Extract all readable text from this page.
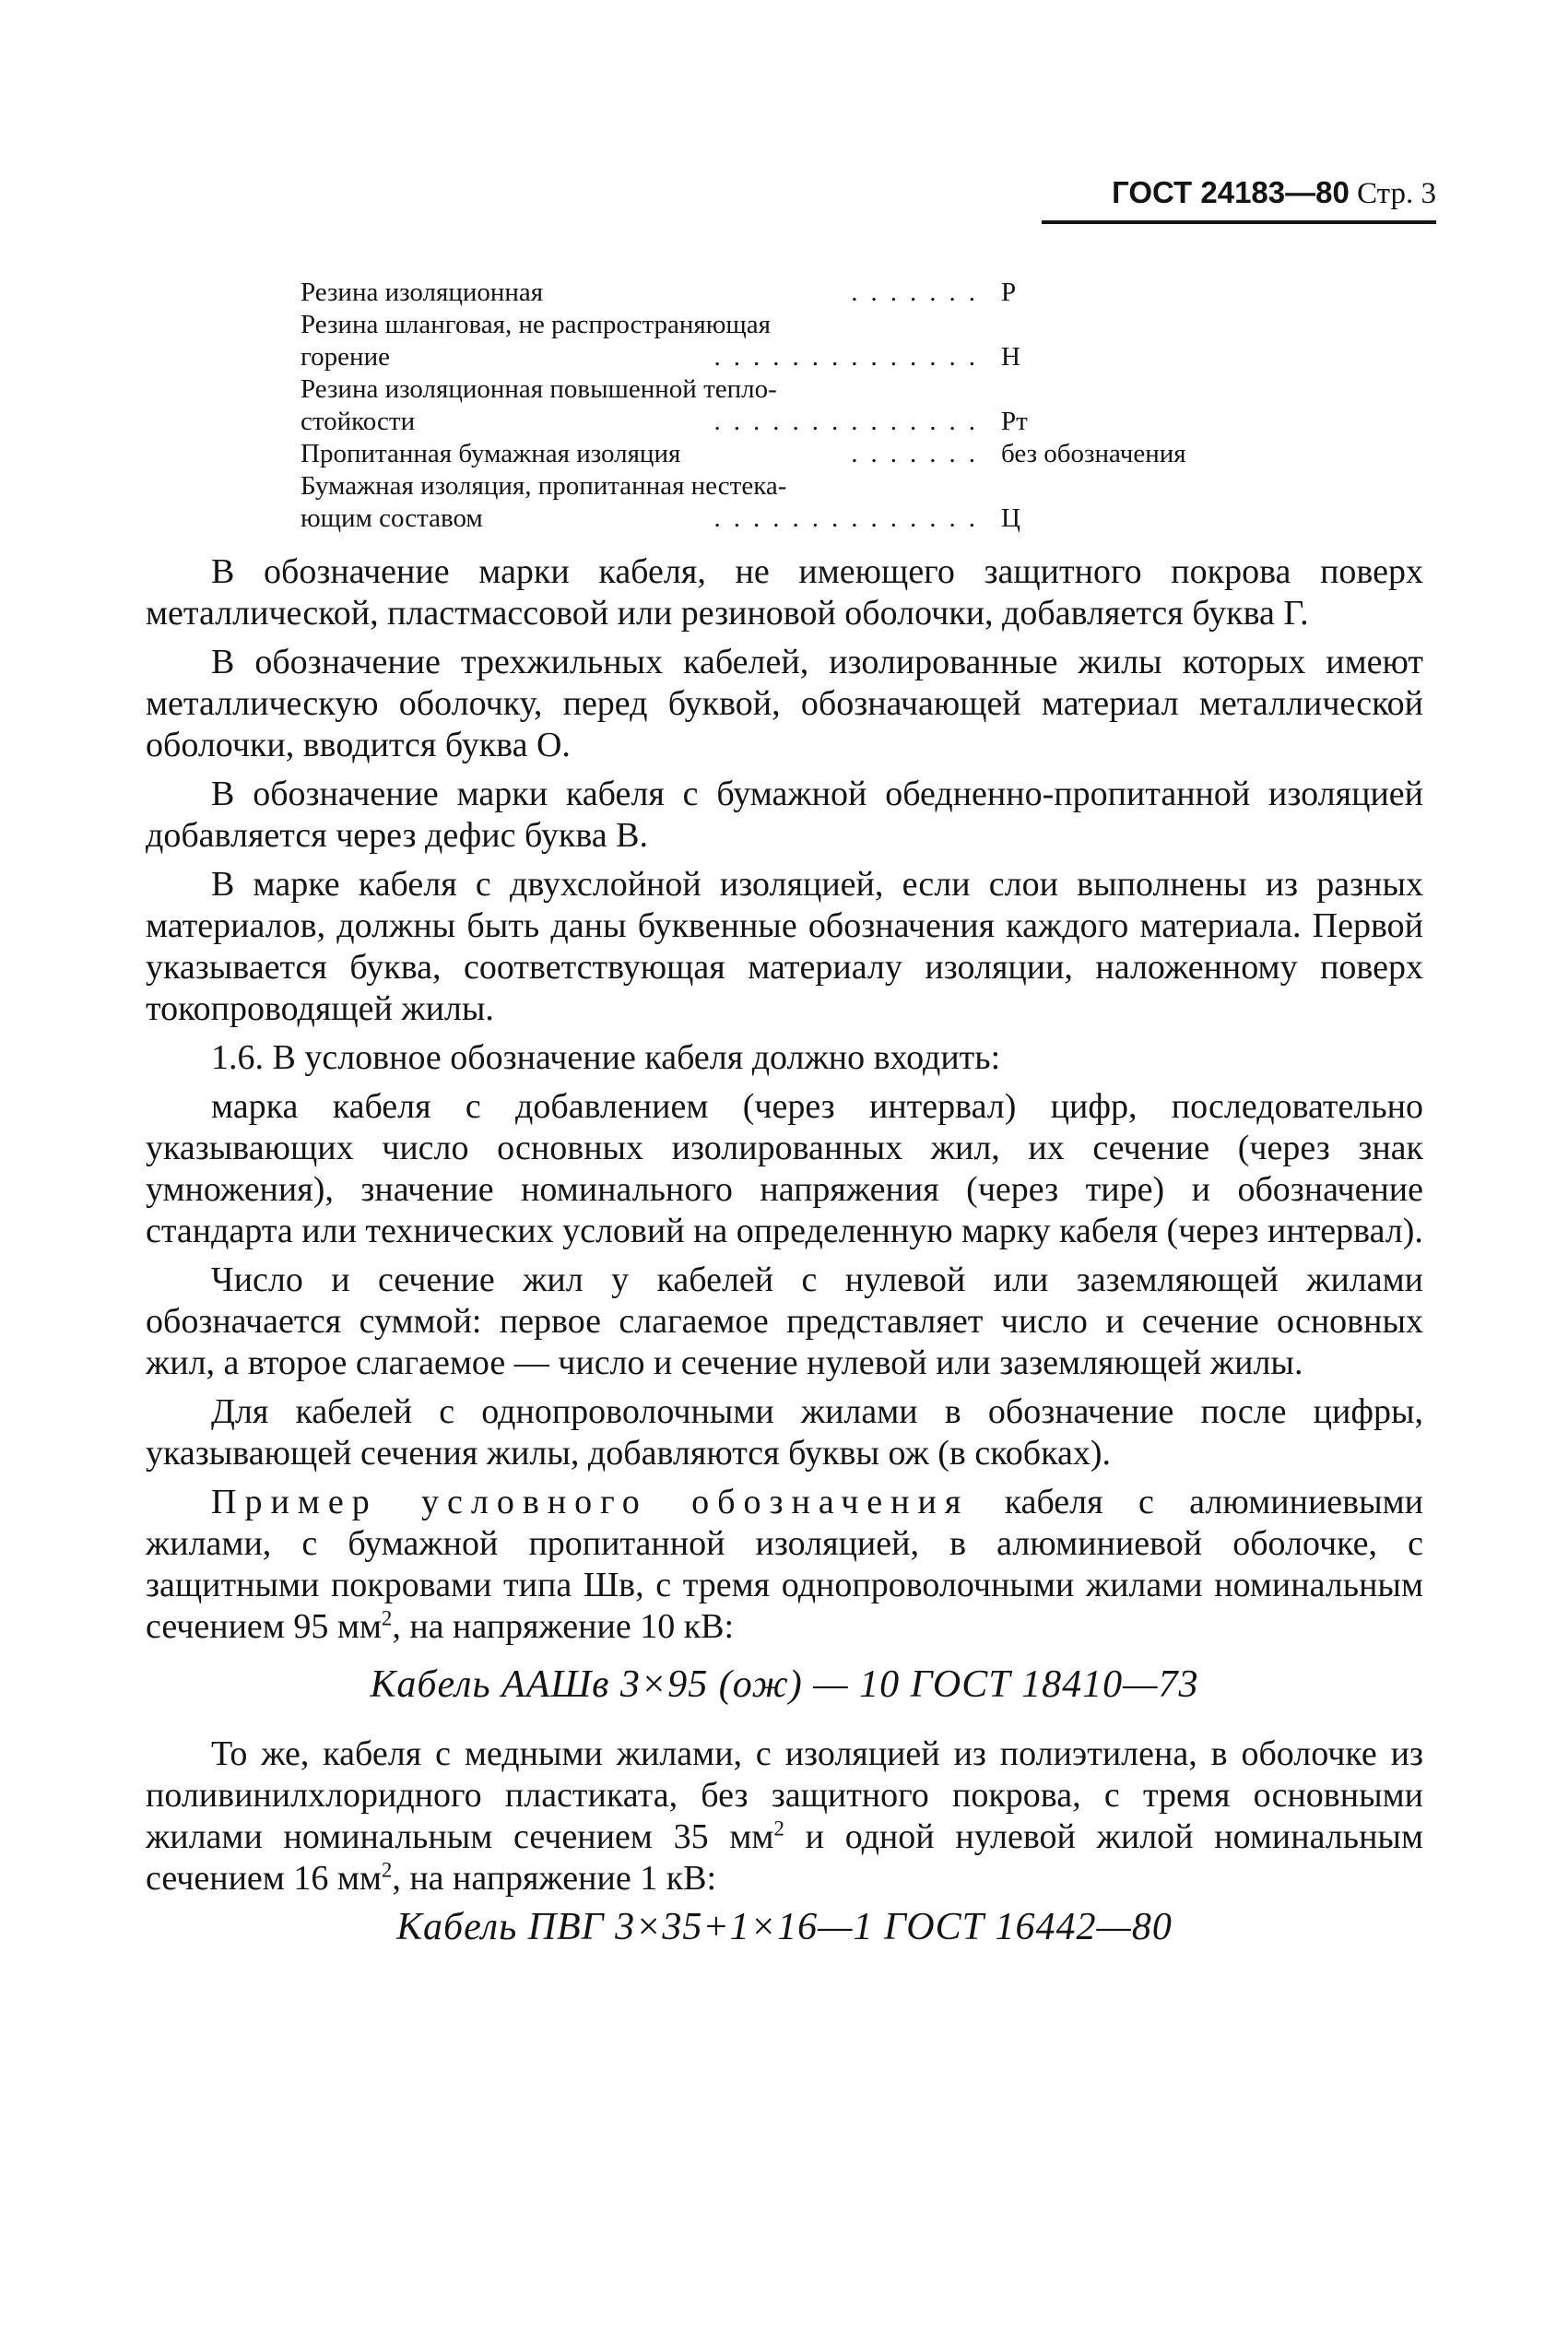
ГОСТ 24183—80 Стр. 3
Резина изоляционная	....... Р
Резина шланговая, не распространяющая
горение	.............. Н
Резина изоляционная повышенной тепло-
стойкости	.............. Рт
Пропитанная бумажная изоляция	....... без обозначения
Бумажная изоляция, пропитанная нестека-
ющим составом	.............. Ц

В обозначение марки кабеля, не имеющего защитного покрова поверх металлической, пластмассовой или резиновой оболочки, добавляется буква Г.

В обозначение трехжильных кабелей, изолированные жилы которых имеют металлическую оболочку, перед буквой, обозначающей материал металлической оболочки, вводится буква О.

В обозначение марки кабеля с бумажной обедненно-пропитанной изоляцией добавляется через дефис буква В.

В марке кабеля с двухслойной изоляцией, если слои выполнены из разных материалов, должны быть даны буквенные обозначения каждого материала. Первой указывается буква, соответствующая материалу изоляции, наложенному поверх токопроводящей жилы.

1.6. В условное обозначение кабеля должно входить:

марка кабеля с добавлением (через интервал) цифр, последовательно указывающих число основных изолированных жил, их сечение (через знак умножения), значение номинального напряжения (через тире) и обозначение стандарта или технических условий на определенную марку кабеля (через интервал).

Число и сечение жил у кабелей с нулевой или заземляющей жилами обозначается суммой: первое слагаемое представляет число и сечение основных жил, а второе слагаемое — число и сечение нулевой или заземляющей жилы.

Для кабелей с однопроволочными жилами в обозначение после цифры, указывающей сечения жилы, добавляются буквы ож (в скобках).

Пример условного обозначения кабеля с алюминиевыми жилами, с бумажной пропитанной изоляцией, в алюминиевой оболочке, с защитными покровами типа Шв, с тремя однопроволочными жилами номинальным сечением 95 $мм^2$, на напряжение 10 кВ:

Кабель ААШв 3×95 (ож) — 10 ГОСТ 18410—73

То же, кабеля с медными жилами, с изоляцией из полиэтилена, в оболочке из поливинилхлоридного пластиката, без защитного покрова, с тремя основными жилами номинальным сечением 35 $мм^2$ и одной нулевой жилой номинальным сечением 16 $мм^2$, на напряжение 1 кВ:

Кабель ПВГ 3×35+1×16—1 ГОСТ 16442—80
